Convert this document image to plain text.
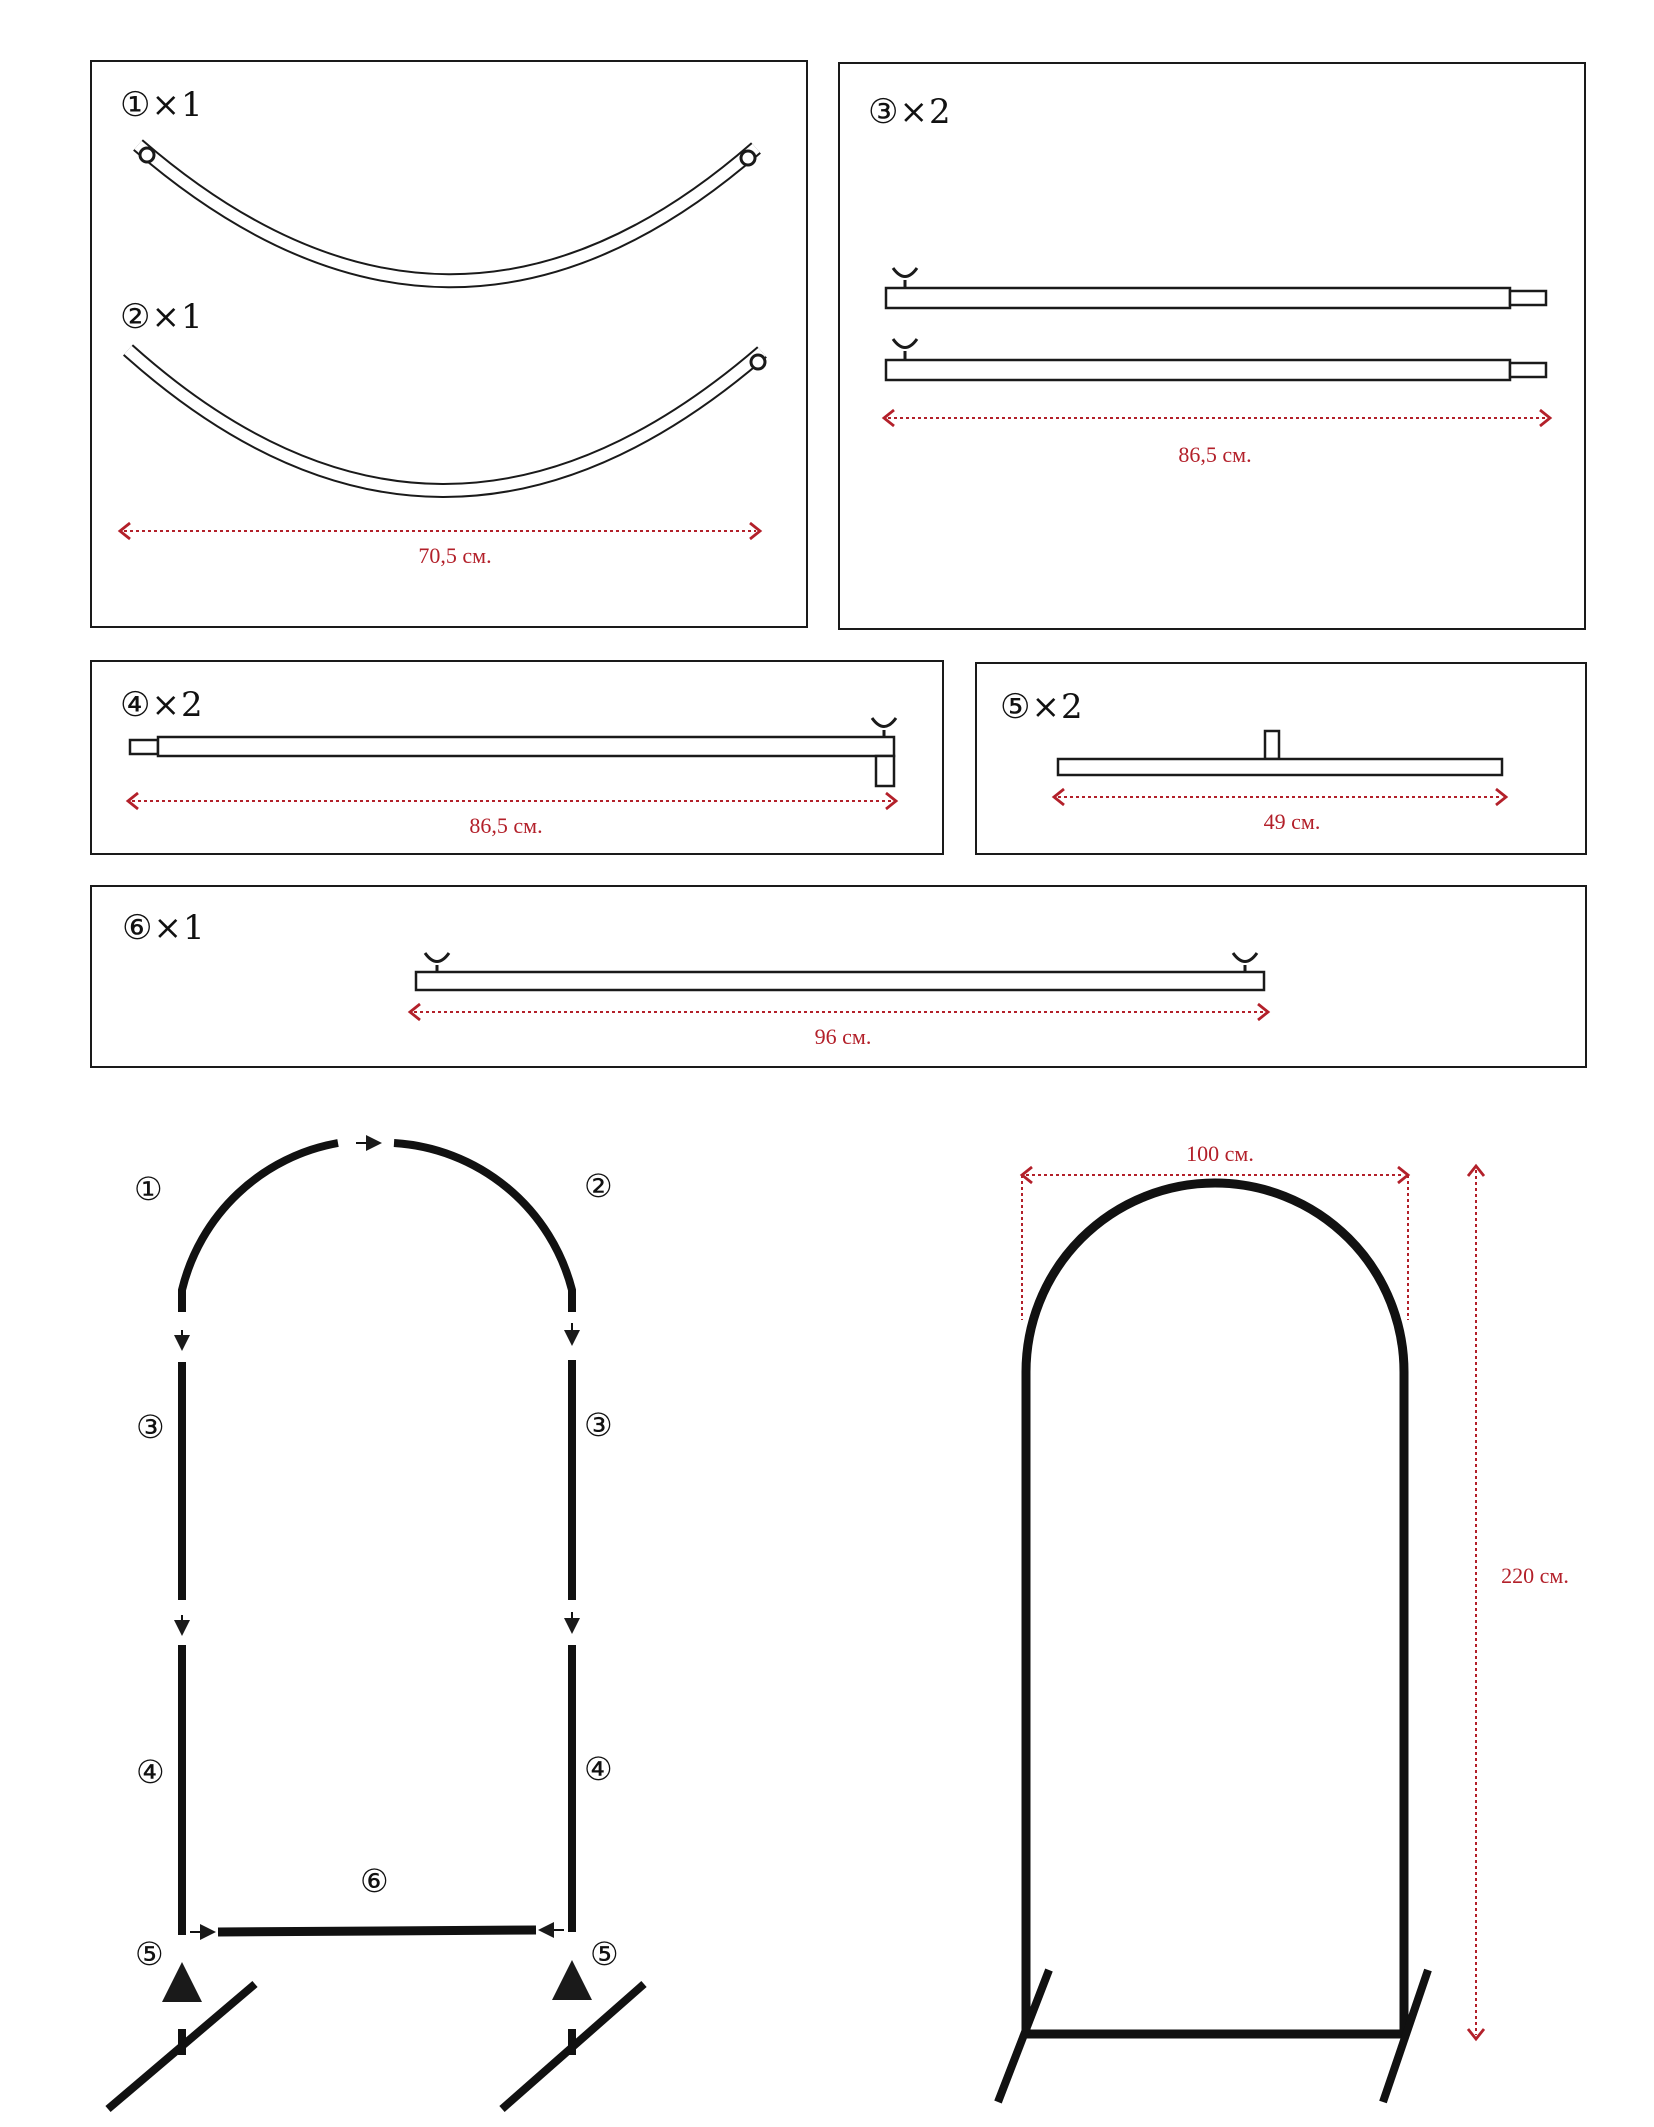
①×1
②×1
③×2
④×2	⑤×2
⑥×1
70,5 см.
86,5 см.
86,5 см.	49 см.
96 см.
100 см.
220 см.
①	②
③	③
④	④
⑥
⑤	⑤
